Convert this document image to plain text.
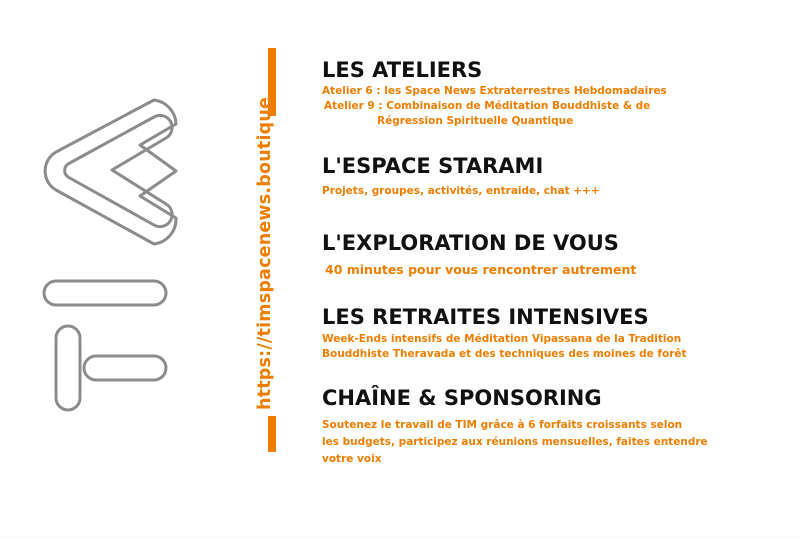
https://timspacenews.boutique
LES ATELIERS
Atelier 6 : les Space News Extraterrestres Hebdomadaires
Atelier 9 : Combinaison de Méditation Bouddhiste & de
Régression Spirituelle Quantique
L'ESPACE STARAMI
Projets, groupes, activités, entraide, chat +++
L'EXPLORATION DE VOUS
40 minutes pour vous rencontrer autrement
LES RETRAITES INTENSIVES
Week-Ends intensifs de Méditation Vipassana de la Tradition
Bouddhiste Theravada et des techniques des moines de forêt
CHAÎNE & SPONSORING
Soutenez le travail de TIM grâce à 6 forfaits croissants selon
les budgets, participez aux réunions mensuelles, faites entendre
votre voix
